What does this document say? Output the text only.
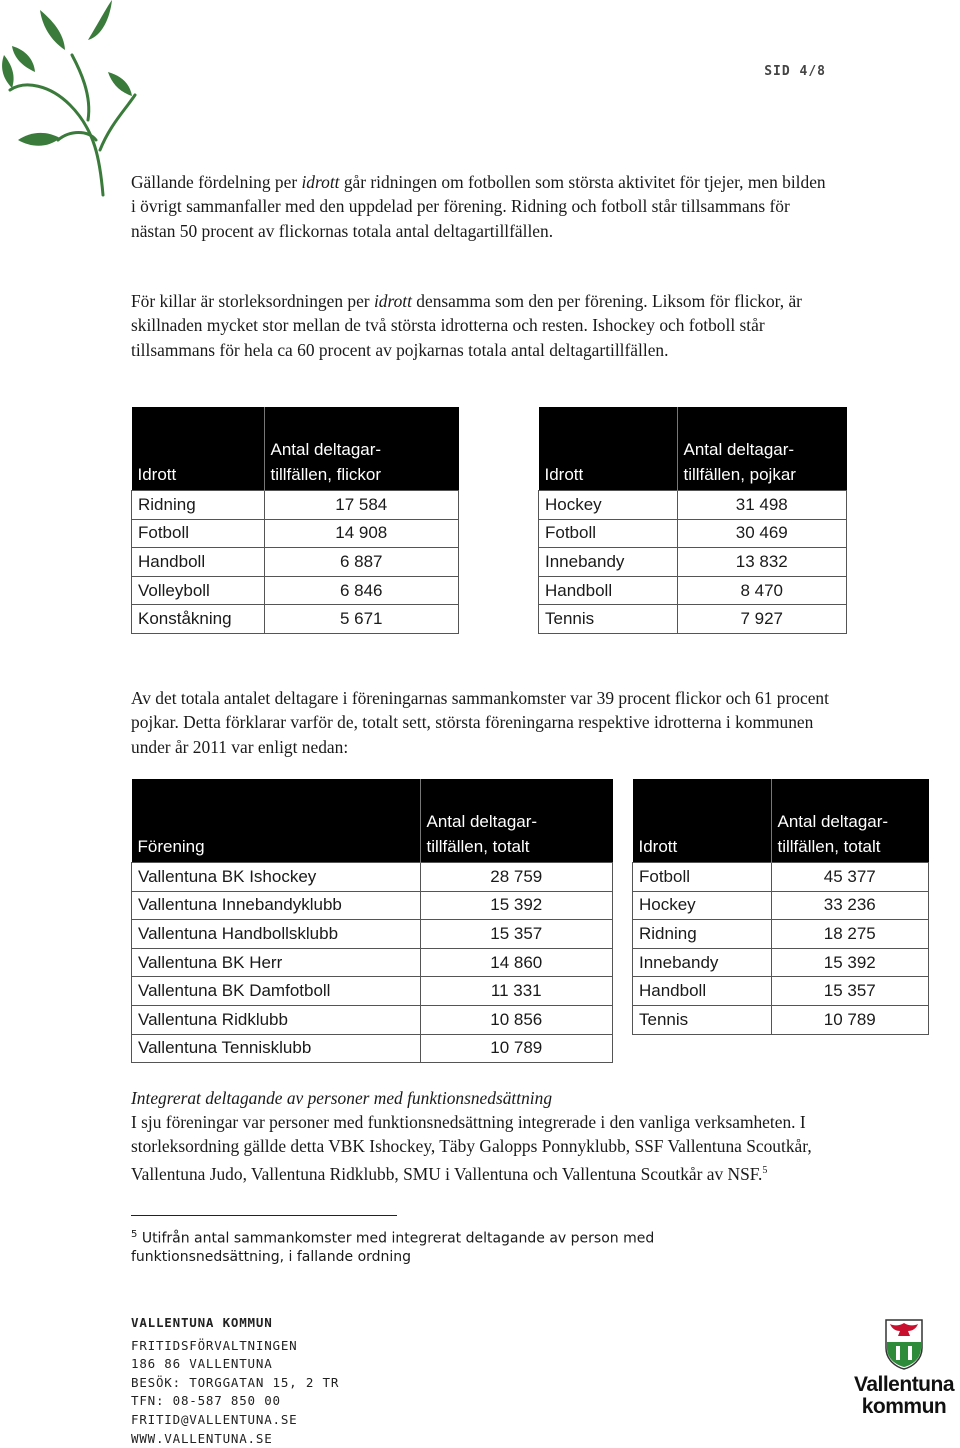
SID 4/8

Gällande fördelning per idrott går ridningen om fotbollen som största aktivitet för tjejer, men bilden i övrigt sammanfaller med den uppdelad per förening. Ridning och fotboll står tillsammans för nästan 50 procent av flickornas totala antal deltagartillfällen.

För killar är storleksordningen per idrott densamma som den per förening. Liksom för flickor, är skillnaden mycket stor mellan de två största idrotterna och resten. Ishockey och fotboll står tillsammans för hela ca 60 procent av pojkarnas totala antal deltagartillfällen.

Idrott	Antal deltagar-
tillfällen, flickor
Ridning	17 584
Fotboll	14 908
Handboll	6 887
Volleyboll	6 846
Konståkning	5 671
Idrott	Antal deltagar-
tillfällen, pojkar
Hockey	31 498
Fotboll	30 469
Innebandy	13 832
Handboll	8 470
Tennis	7 927

Av det totala antalet deltagare i föreningarnas sammankomster var 39 procent flickor och 61 procent pojkar. Detta förklarar varför de, totalt sett, största föreningarna respektive idrotterna i kommunen under år 2011 var enligt nedan:

Förening	Antal deltagar-
tillfällen, totalt
Vallentuna BK Ishockey	28 759
Vallentuna Innebandyklubb	15 392
Vallentuna Handbollsklubb	15 357
Vallentuna BK Herr	14 860
Vallentuna BK Damfotboll	11 331
Vallentuna Ridklubb	10 856
Vallentuna Tennisklubb	10 789
Idrott	Antal deltagar-
tillfällen, totalt
Fotboll	45 377
Hockey	33 236
Ridning	18 275
Innebandy	15 392
Handboll	15 357
Tennis	10 789

Integrerat deltagande av personer med funktionsnedsättning

I sju föreningar var personer med funktionsnedsättning integrerade i den vanliga verksamheten. I storleksordning gällde detta VBK Ishockey, Täby Galopps Ponnyklubb, SSF Vallentuna Scoutkår, Vallentuna Judo, Vallentuna Ridklubb, SMU i Vallentuna och Vallentuna Scoutkår av NSF.$^5$

$^5$ Utifrån antal sammankomster med integrerat deltagande av person med funktionsnedsättning, i fallande ordning
VALLENTUNA KOMMUN
FRITIDSFÖRVALTNINGEN
186 86 VALLENTUNA
BESÖK: TORGGATAN 15, 2 TR
TFN: 08-587 850 00
FRITID@VALLENTUNA.SE
WWW.VALLENTUNA.SE
Vallentuna
kommun
